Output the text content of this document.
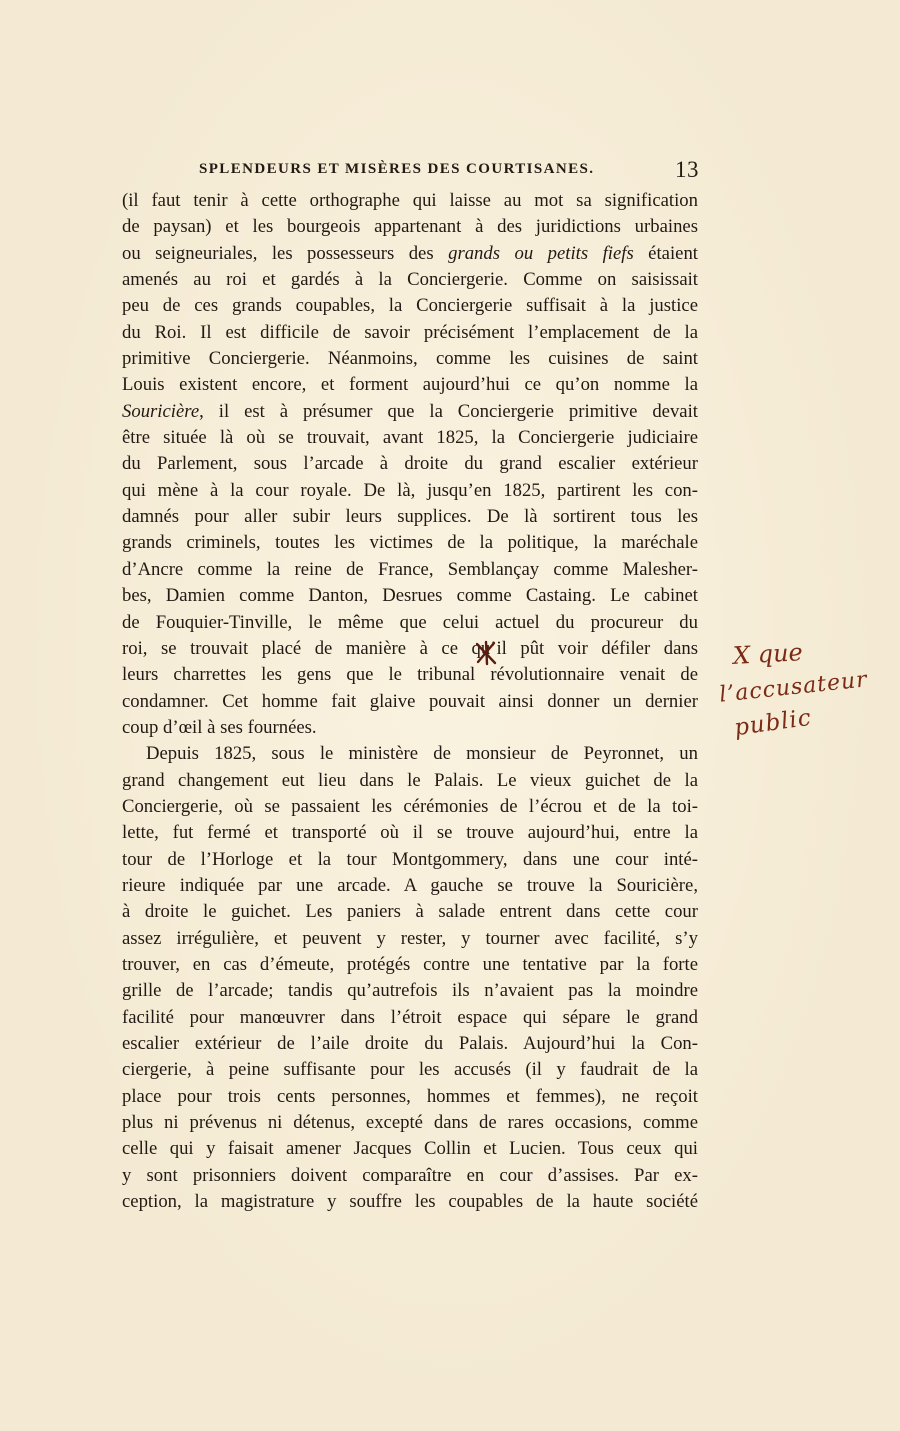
SPLENDEURS ET MISÈRES DES COURTISANES.	13
(il faut tenir à cette orthographe qui laisse au mot sa signification
de paysan) et les bourgeois appartenant à des juridictions urbaines
ou seigneuriales, les possesseurs des grands ou petits fiefs étaient
amenés au roi et gardés à la Conciergerie. Comme on saisissait
peu de ces grands coupables, la Conciergerie suffisait à la justice
du Roi. Il est difficile de savoir précisément l’emplacement de la
primitive Conciergerie. Néanmoins, comme les cuisines de saint
Louis existent encore, et forment aujourd’hui ce qu’on nomme la
Souricière, il est à présumer que la Conciergerie primitive devait
être située là où se trouvait, avant 1825, la Conciergerie judiciaire
du Parlement, sous l’arcade à droite du grand escalier extérieur
qui mène à la cour royale. De là, jusqu’en 1825, partirent les con-
damnés pour aller subir leurs supplices. De là sortirent tous les
grands criminels, toutes les victimes de la politique, la maréchale
d’Ancre comme la reine de France, Semblançay comme Malesher-
bes, Damien comme Danton, Desrues comme Castaing. Le cabinet
de Fouquier-Tinville, le même que celui actuel du procureur du
roi, se trouvait placé de manière à ce qu’il pût voir défiler dans
leurs charrettes les gens que le tribunal révolutionnaire venait de
condamner. Cet homme fait glaive pouvait ainsi donner un dernier
coup d’œil à ses fournées.
Depuis 1825, sous le ministère de monsieur de Peyronnet, un
grand changement eut lieu dans le Palais. Le vieux guichet de la
Conciergerie, où se passaient les cérémonies de l’écrou et de la toi-
lette, fut fermé et transporté où il se trouve aujourd’hui, entre la
tour de l’Horloge et la tour Montgommery, dans une cour inté-
rieure indiquée par une arcade. A gauche se trouve la Souricière,
à droite le guichet. Les paniers à salade entrent dans cette cour
assez irrégulière, et peuvent y rester, y tourner avec facilité, s’y
trouver, en cas d’émeute, protégés contre une tentative par la forte
grille de l’arcade; tandis qu’autrefois ils n’avaient pas la moindre
facilité pour manœuvrer dans l’étroit espace qui sépare le grand
escalier extérieur de l’aile droite du Palais. Aujourd’hui la Con-
ciergerie, à peine suffisante pour les accusés (il y faudrait de la
place pour trois cents personnes, hommes et femmes), ne reçoit
plus ni prévenus ni détenus, excepté dans de rares occasions, comme
celle qui y faisait amener Jacques Collin et Lucien. Tous ceux qui
y sont prisonniers doivent comparaître en cour d’assises. Par ex-
ception, la magistrature y souffre les coupables de la haute société
X que
l’accusateur
public
